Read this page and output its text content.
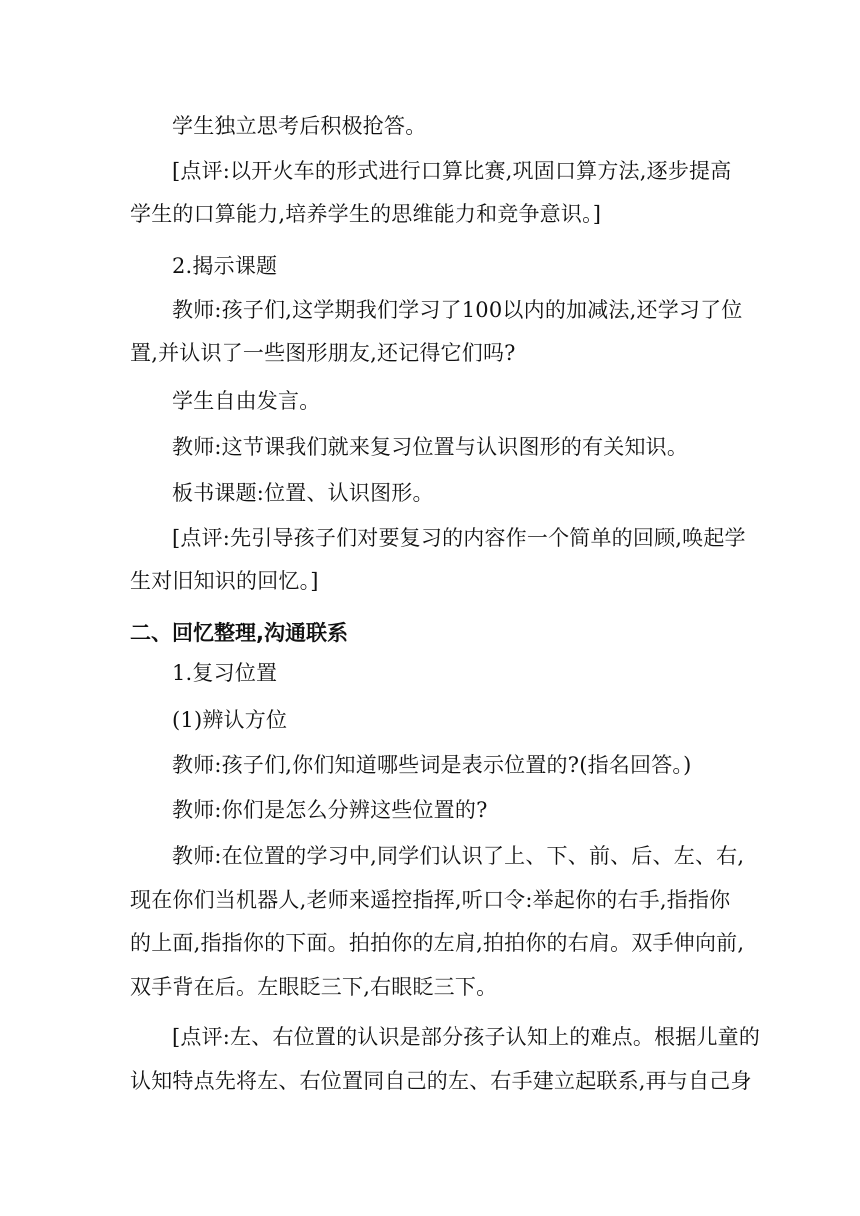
学生独立思考后积极抢答。
[点评:以开火车的形式进行口算比赛,巩固口算方法,逐步提高
学生的口算能力,培养学生的思维能力和竞争意识。]
2.揭示课题
教师:孩子们,这学期我们学习了100以内的加减法,还学习了位
置,并认识了一些图形朋友,还记得它们吗?
学生自由发言。
教师:这节课我们就来复习位置与认识图形的有关知识。
板书课题:位置、认识图形。
[点评:先引导孩子们对要复习的内容作一个简单的回顾,唤起学
生对旧知识的回忆。]
二、回忆整理,沟通联系
1.复习位置
(1)辨认方位
教师:孩子们,你们知道哪些词是表示位置的?(指名回答。)
教师:你们是怎么分辨这些位置的?
教师:在位置的学习中,同学们认识了上、下、前、后、左、右,
现在你们当机器人,老师来遥控指挥,听口令:举起你的右手,指指你
的上面,指指你的下面。拍拍你的左肩,拍拍你的右肩。双手伸向前,
双手背在后。左眼眨三下,右眼眨三下。
[点评:左、右位置的认识是部分孩子认知上的难点。根据儿童的
认知特点先将左、右位置同自己的左、右手建立起联系,再与自己身
